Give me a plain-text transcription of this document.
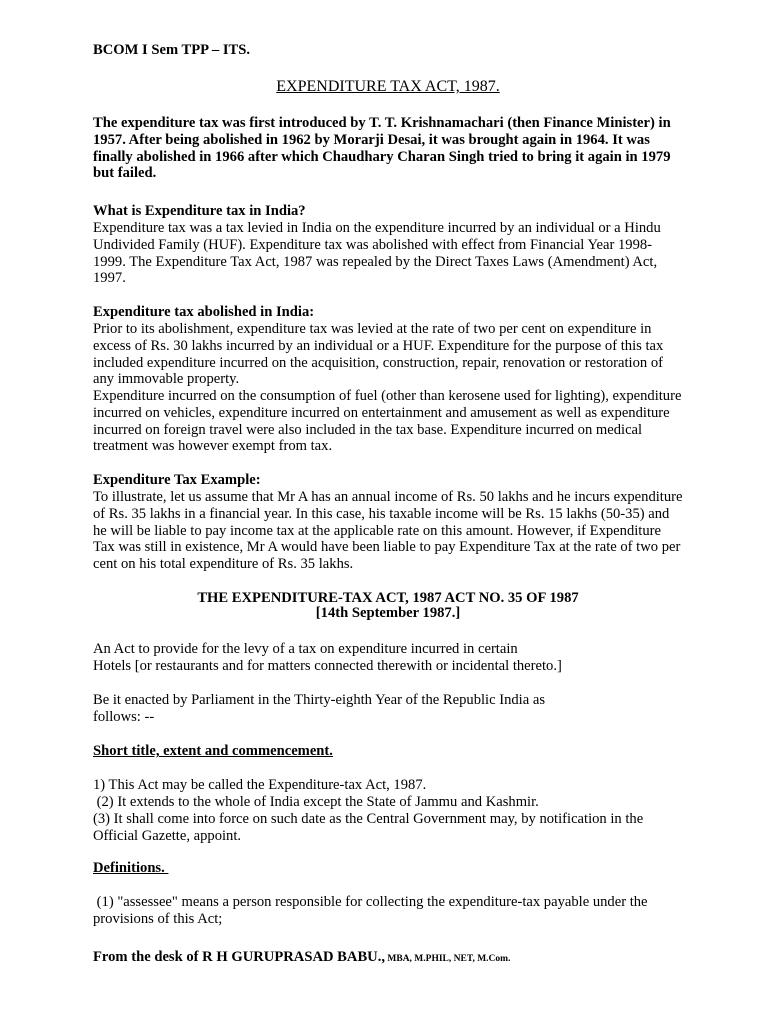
BCOM I Sem TPP – ITS.

EXPENDITURE TAX ACT, 1987.

The expenditure tax was first introduced by T. T. Krishnamachari (then Finance Minister) in 1957. After being abolished in 1962 by Morarji Desai, it was brought again in 1964. It was finally abolished in 1966 after which Chaudhary Charan Singh tried to bring it again in 1979 but failed.

What is Expenditure tax in India?

Expenditure tax was a tax levied in India on the expenditure incurred by an individual or a Hindu Undivided Family (HUF). Expenditure tax was abolished with effect from Financial Year 1998-1999. The Expenditure Tax Act, 1987 was repealed by the Direct Taxes Laws (Amendment) Act, 1997.

Expenditure tax abolished in India:

Prior to its abolishment, expenditure tax was levied at the rate of two per cent on expenditure in excess of Rs. 30 lakhs incurred by an individual or a HUF. Expenditure for the purpose of this tax included expenditure incurred on the acquisition, construction, repair, renovation or restoration of any immovable property.

Expenditure incurred on the consumption of fuel (other than kerosene used for lighting), expenditure incurred on vehicles, expenditure incurred on entertainment and amusement as well as expenditure incurred on foreign travel were also included in the tax base. Expenditure incurred on medical treatment was however exempt from tax.

Expenditure Tax Example:

To illustrate, let us assume that Mr A has an annual income of Rs. 50 lakhs and he incurs expenditure of Rs. 35 lakhs in a financial year. In this case, his taxable income will be Rs. 15 lakhs (50-35) and he will be liable to pay income tax at the applicable rate on this amount. However, if Expenditure Tax was still in existence, Mr A would have been liable to pay Expenditure Tax at the rate of two per cent on his total expenditure of Rs. 35 lakhs.

THE EXPENDITURE-TAX ACT, 1987 ACT NO. 35 OF 1987

[14th September 1987.]

An Act to provide for the levy of a tax on expenditure incurred in certain

Hotels [or restaurants and for matters connected therewith or incidental thereto.]

Be it enacted by Parliament in the Thirty-eighth Year of the Republic India as

follows: --

Short title, extent and commencement.

1) This Act may be called the Expenditure-tax Act, 1987.

(2) It extends to the whole of India except the State of Jammu and Kashmir.

(3) It shall come into force on such date as the Central Government may, by notification in the Official Gazette, appoint.

Definitions.

(1) "assessee" means a person responsible for collecting the expenditure-tax payable under the provisions of this Act;

From the desk of R H GURUPRASAD BABU., MBA, M.PHIL, NET, M.Com.
